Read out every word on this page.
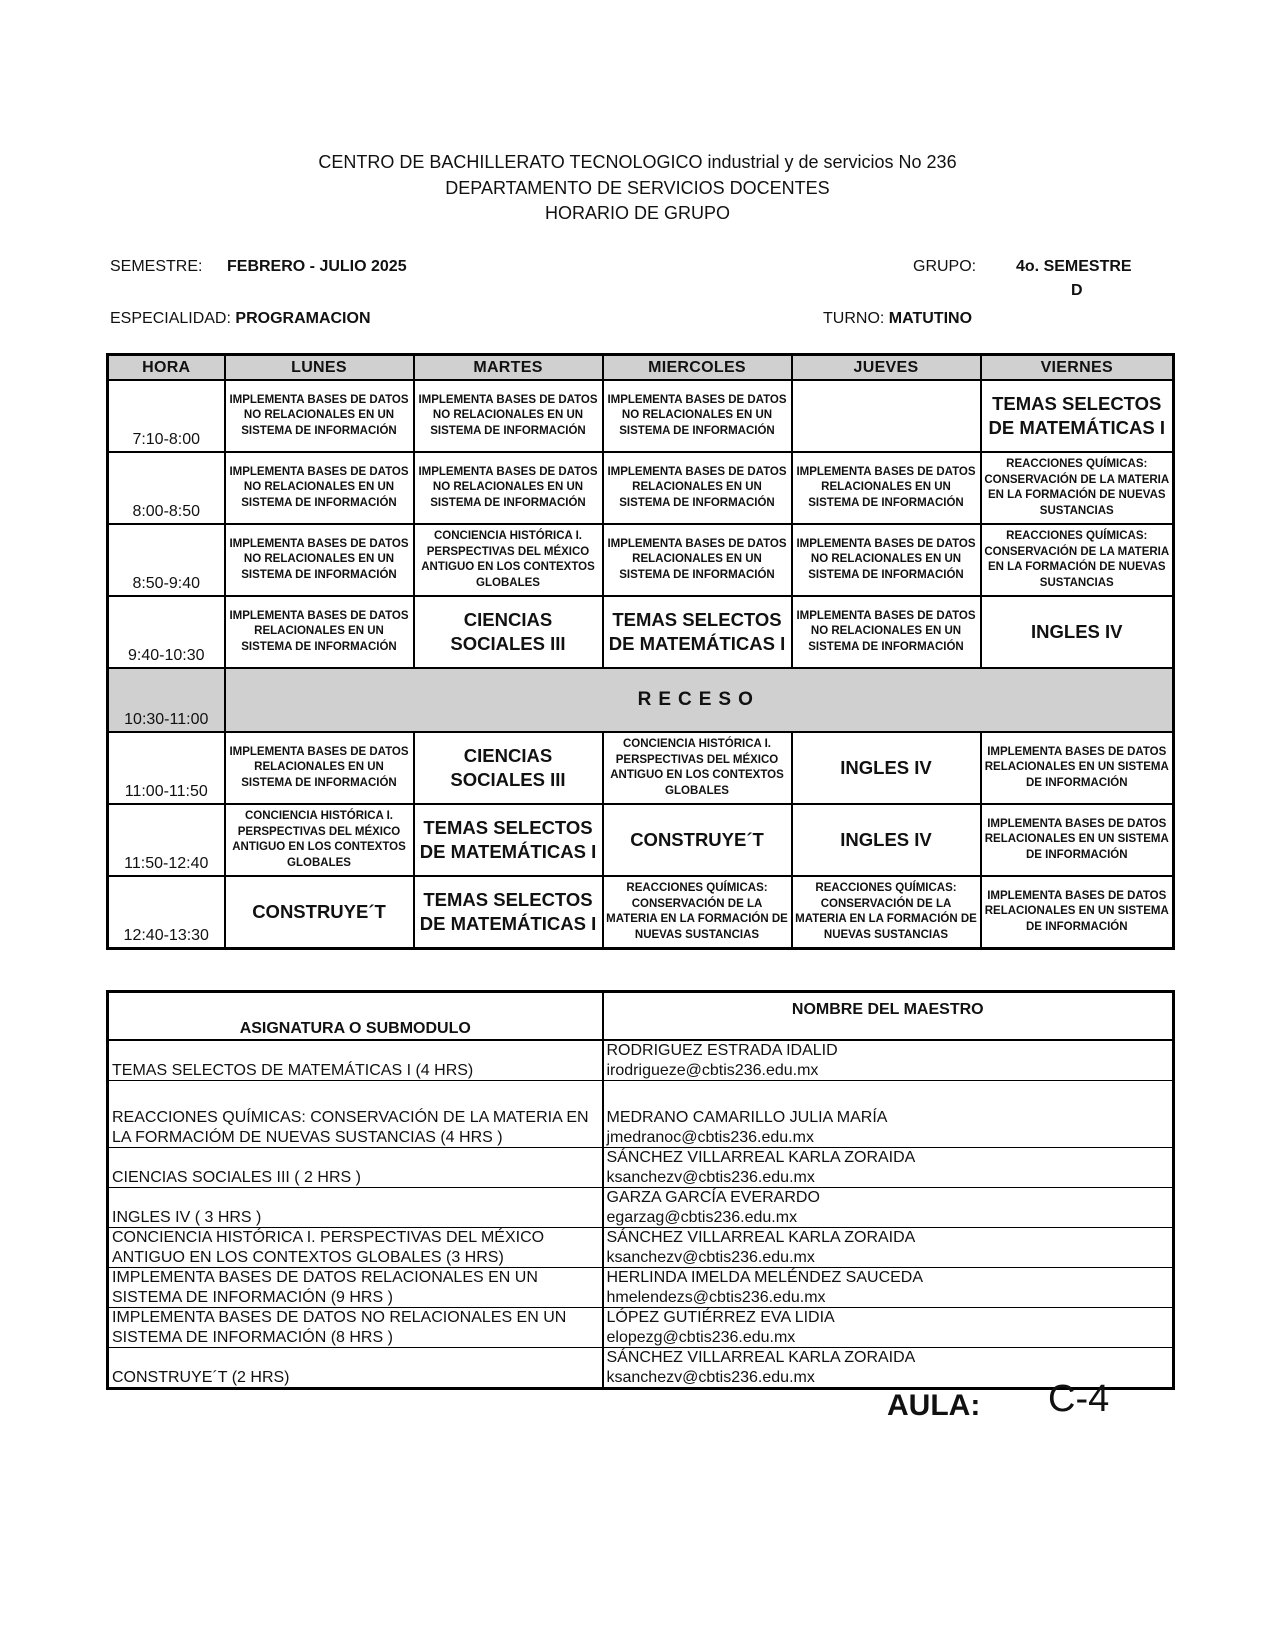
CENTRO DE BACHILLERATO TECNOLOGICO industrial y de servicios No 236
DEPARTAMENTO DE SERVICIOS DOCENTES
HORARIO DE GRUPO
SEMESTRE: FEBRERO - JULIO 2025	GRUPO: 4o. SEMESTRE
D
ESPECIALIDAD: PROGRAMACION	TURNO: MATUTINO
HORA	LUNES	MARTES	MIERCOLES	JUEVES	VIERNES
7:10-8:00	IMPLEMENTA BASES DE DATOS NO RELACIONALES EN UN SISTEMA DE INFORMACIÓN	IMPLEMENTA BASES DE DATOS NO RELACIONALES EN UN SISTEMA DE INFORMACIÓN	IMPLEMENTA BASES DE DATOS NO RELACIONALES EN UN SISTEMA DE INFORMACIÓN		TEMAS SELECTOS DE MATEMÁTICAS I
8:00-8:50	IMPLEMENTA BASES DE DATOS NO RELACIONALES EN UN SISTEMA DE INFORMACIÓN	IMPLEMENTA BASES DE DATOS NO RELACIONALES EN UN SISTEMA DE INFORMACIÓN	IMPLEMENTA BASES DE DATOS RELACIONALES EN UN SISTEMA DE INFORMACIÓN	IMPLEMENTA BASES DE DATOS RELACIONALES EN UN SISTEMA DE INFORMACIÓN	REACCIONES QUÍMICAS: CONSERVACIÓN DE LA MATERIA EN LA FORMACIÓN DE NUEVAS SUSTANCIAS
8:50-9:40	IMPLEMENTA BASES DE DATOS NO RELACIONALES EN UN SISTEMA DE INFORMACIÓN	CONCIENCIA HISTÓRICA I. PERSPECTIVAS DEL MÉXICO ANTIGUO EN LOS CONTEXTOS GLOBALES	IMPLEMENTA BASES DE DATOS RELACIONALES EN UN SISTEMA DE INFORMACIÓN	IMPLEMENTA BASES DE DATOS NO RELACIONALES EN UN SISTEMA DE INFORMACIÓN	REACCIONES QUÍMICAS: CONSERVACIÓN DE LA MATERIA EN LA FORMACIÓN DE NUEVAS SUSTANCIAS
9:40-10:30	IMPLEMENTA BASES DE DATOS RELACIONALES EN UN SISTEMA DE INFORMACIÓN	CIENCIAS SOCIALES III	TEMAS SELECTOS DE MATEMÁTICAS I	IMPLEMENTA BASES DE DATOS NO RELACIONALES EN UN SISTEMA DE INFORMACIÓN	INGLES IV
10:30-11:00	RECESO				
11:00-11:50	IMPLEMENTA BASES DE DATOS RELACIONALES EN UN SISTEMA DE INFORMACIÓN	CIENCIAS SOCIALES III	CONCIENCIA HISTÓRICA I. PERSPECTIVAS DEL MÉXICO ANTIGUO EN LOS CONTEXTOS GLOBALES	INGLES IV	IMPLEMENTA BASES DE DATOS RELACIONALES EN UN SISTEMA DE INFORMACIÓN
11:50-12:40	CONCIENCIA HISTÓRICA I. PERSPECTIVAS DEL MÉXICO ANTIGUO EN LOS CONTEXTOS GLOBALES	TEMAS SELECTOS DE MATEMÁTICAS I	CONSTRUYE´T	INGLES IV	IMPLEMENTA BASES DE DATOS RELACIONALES EN UN SISTEMA DE INFORMACIÓN
12:40-13:30	CONSTRUYE´T	TEMAS SELECTOS DE MATEMÁTICAS I	REACCIONES QUÍMICAS: CONSERVACIÓN DE LA MATERIA EN LA FORMACIÓN DE NUEVAS SUSTANCIAS	REACCIONES QUÍMICAS: CONSERVACIÓN DE LA MATERIA EN LA FORMACIÓN DE NUEVAS SUSTANCIAS	IMPLEMENTA BASES DE DATOS RELACIONALES EN UN SISTEMA DE INFORMACIÓN
ASIGNATURA O SUBMODULO	NOMBRE DEL MAESTRO

TEMAS SELECTOS DE MATEMÁTICAS I (4 HRS)	RODRIGUEZ ESTRADA IDALID
irodrigueze@cbtis236.edu.mx

REACCIONES QUÍMICAS: CONSERVACIÓN DE LA MATERIA EN LA FORMACIÓM DE NUEVAS SUSTANCIAS (4 HRS )	MEDRANO CAMARILLO JULIA MARÍA
jmedranoc@cbtis236.edu.mx

CIENCIAS SOCIALES III ( 2 HRS )	SÁNCHEZ VILLARREAL KARLA ZORAIDA
ksanchezv@cbtis236.edu.mx

INGLES IV ( 3 HRS )	GARZA GARCÍA EVERARDO
egarzag@cbtis236.edu.mx

CONCIENCIA HISTÓRICA I. PERSPECTIVAS DEL MÉXICO ANTIGUO EN LOS CONTEXTOS GLOBALES (3 HRS)	SÁNCHEZ VILLARREAL KARLA ZORAIDA
ksanchezv@cbtis236.edu.mx

IMPLEMENTA BASES DE DATOS RELACIONALES EN UN SISTEMA DE INFORMACIÓN (9 HRS )	HERLINDA IMELDA MELÉNDEZ SAUCEDA
hmelendezs@cbtis236.edu.mx

IMPLEMENTA BASES DE DATOS NO RELACIONALES EN UN SISTEMA DE INFORMACIÓN (8 HRS )	LÓPEZ GUTIÉRREZ EVA LIDIA
elopezg@cbtis236.edu.mx

CONSTRUYE´T (2 HRS)	SÁNCHEZ VILLARREAL KARLA ZORAIDA
ksanchezv@cbtis236.edu.mx
AULA: C-4
